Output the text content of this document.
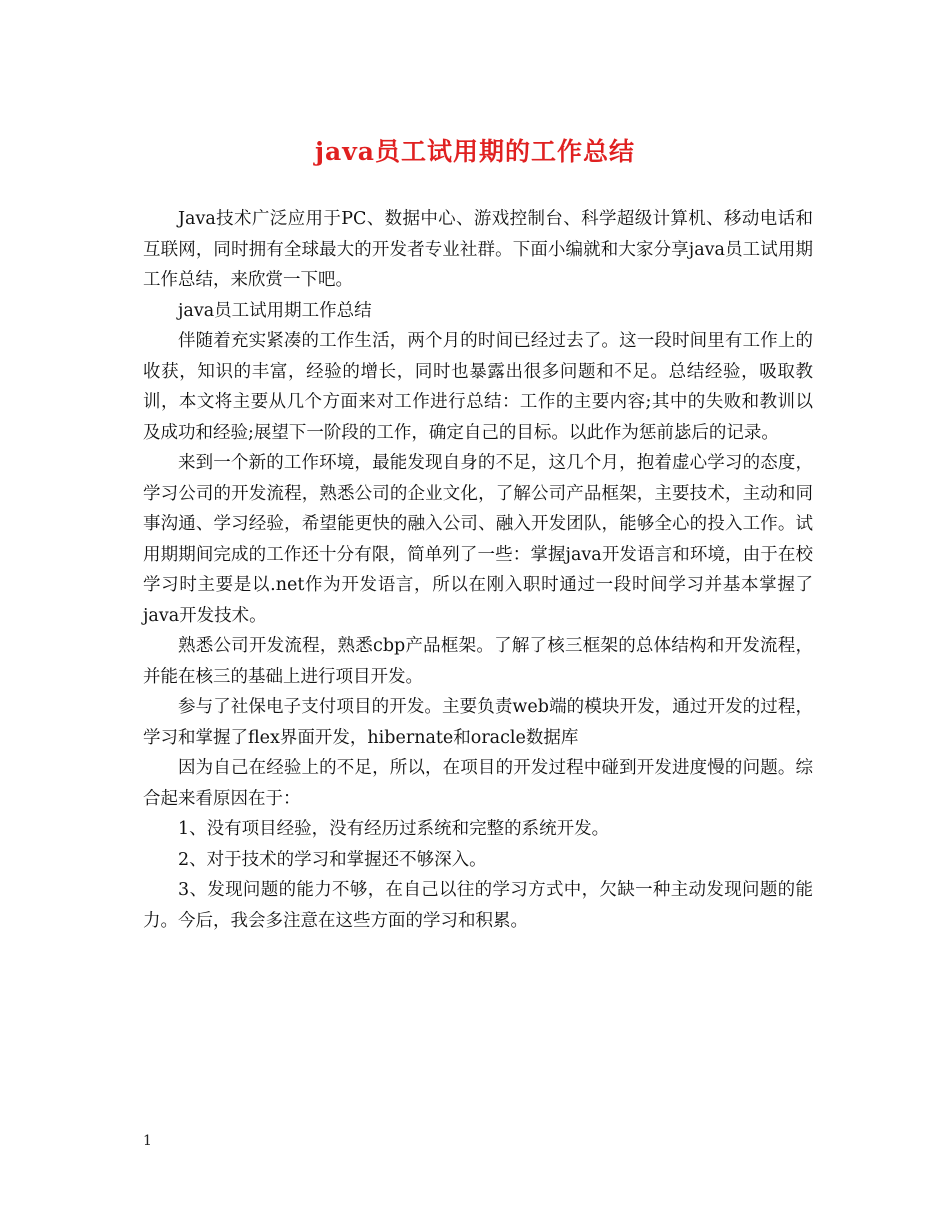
java员工试用期的工作总结

Java技术广泛应用于PC、数据中心、游戏控制台、科学超级计算机、移动电话和互联网，同时拥有全球最大的开发者专业社群。下面小编就和大家分享java员工试用期工作总结，来欣赏一下吧。

java员工试用期工作总结

伴随着充实紧凑的工作生活，两个月的时间已经过去了。这一段时间里有工作上的收获，知识的丰富，经验的增长，同时也暴露出很多问题和不足。总结经验，吸取教训，本文将主要从几个方面来对工作进行总结：工作的主要内容;其中的失败和教训以及成功和经验;展望下一阶段的工作，确定自己的目标。以此作为惩前毖后的记录。

来到一个新的工作环境，最能发现自身的不足，这几个月，抱着虚心学习的态度，学习公司的开发流程，熟悉公司的企业文化，了解公司产品框架，主要技术，主动和同事沟通、学习经验，希望能更快的融入公司、融入开发团队，能够全心的投入工作。试用期期间完成的工作还十分有限，简单列了一些：掌握java开发语言和环境，由于在校学习时主要是以.net作为开发语言，所以在刚入职时通过一段时间学习并基本掌握了java开发技术。

熟悉公司开发流程，熟悉cbp产品框架。了解了核三框架的总体结构和开发流程，并能在核三的基础上进行项目开发。

参与了社保电子支付项目的开发。主要负责web端的模块开发，通过开发的过程，学习和掌握了flex界面开发，hibernate和oracle数据库

因为自己在经验上的不足，所以，在项目的开发过程中碰到开发进度慢的问题。综合起来看原因在于：

1、没有项目经验，没有经历过系统和完整的系统开发。

2、对于技术的学习和掌握还不够深入。

3、发现问题的能力不够，在自己以往的学习方式中，欠缺一种主动发现问题的能力。今后，我会多注意在这些方面的学习和积累。

1
